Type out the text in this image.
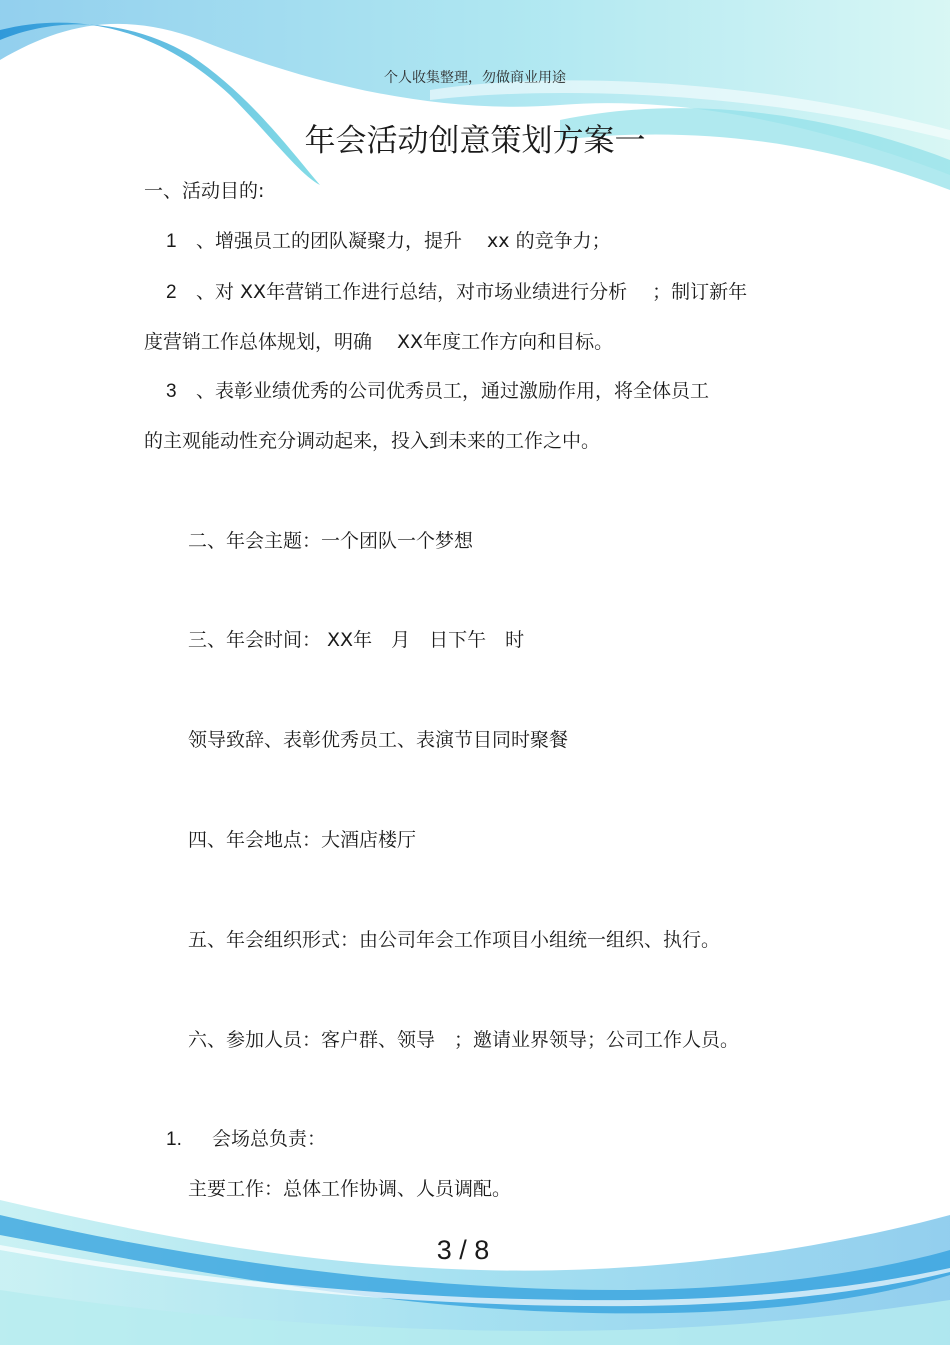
个人收集整理，勿做商业用途
年会活动创意策划方案一
一、活动目的:
1 、增强员工的团队凝聚力，提升　 xx 的竞争力；
2 、对 XX年营销工作进行总结，对市场业绩进行分析　 ；制订新年
度营销工作总体规划，明确　 XX年度工作方向和目标。
3 、表彰业绩优秀的公司优秀员工，通过激励作用，将全体员工
的主观能动性充分调动起来，投入到未来的工作之中。
二、年会主题：一个团队一个梦想
三、年会时间： XX年　月　日下午　时
领导致辞、表彰优秀员工、表演节目同时聚餐
四、年会地点：大酒店楼厅
五、年会组织形式：由公司年会工作项目小组统一组织、执行。
六、参加人员：客户群、领导　；邀请业界领导；公司工作人员。
1. 会场总负责：
主要工作：总体工作协调、人员调配。
3 / 8
